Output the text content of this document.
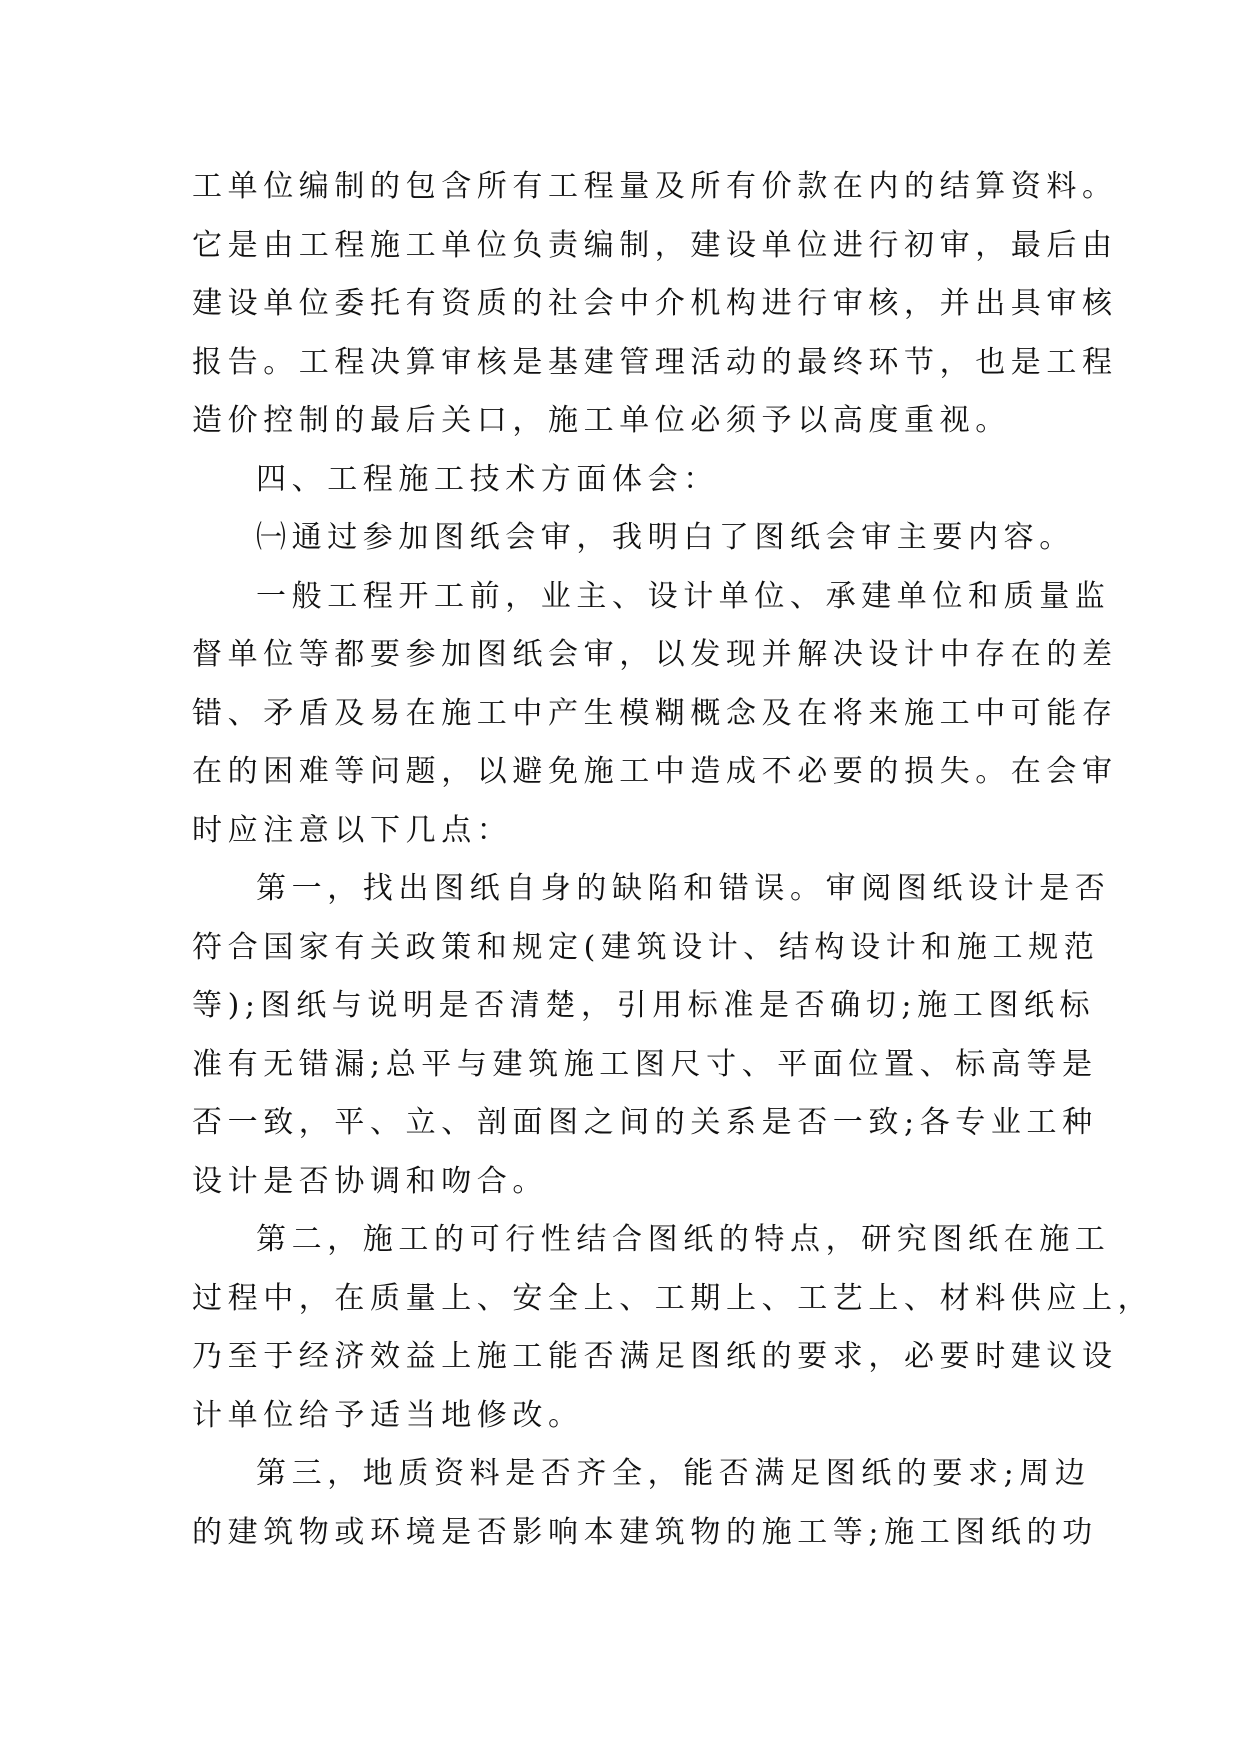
工单位编制的包含所有工程量及所有价款在内的结算资料。
它是由工程施工单位负责编制，建设单位进行初审，最后由
建设单位委托有资质的社会中介机构进行审核，并出具审核
报告。工程决算审核是基建管理活动的最终环节，也是工程
造价控制的最后关口，施工单位必须予以高度重视。
四、工程施工技术方面体会：
㈠通过参加图纸会审，我明白了图纸会审主要内容。
一般工程开工前，业主、设计单位、承建单位和质量监
督单位等都要参加图纸会审，以发现并解决设计中存在的差
错、矛盾及易在施工中产生模糊概念及在将来施工中可能存
在的困难等问题，以避免施工中造成不必要的损失。在会审
时应注意以下几点：
第一，找出图纸自身的缺陷和错误。审阅图纸设计是否
符合国家有关政策和规定(建筑设计、结构设计和施工规范
等);图纸与说明是否清楚，引用标准是否确切;施工图纸标
准有无错漏;总平与建筑施工图尺寸、平面位置、标高等是
否一致，平、立、剖面图之间的关系是否一致;各专业工种
设计是否协调和吻合。
第二，施工的可行性结合图纸的特点，研究图纸在施工
过程中，在质量上、安全上、工期上、工艺上、材料供应上，
乃至于经济效益上施工能否满足图纸的要求，必要时建议设
计单位给予适当地修改。
第三，地质资料是否齐全，能否满足图纸的要求;周边
的建筑物或环境是否影响本建筑物的施工等;施工图纸的功
